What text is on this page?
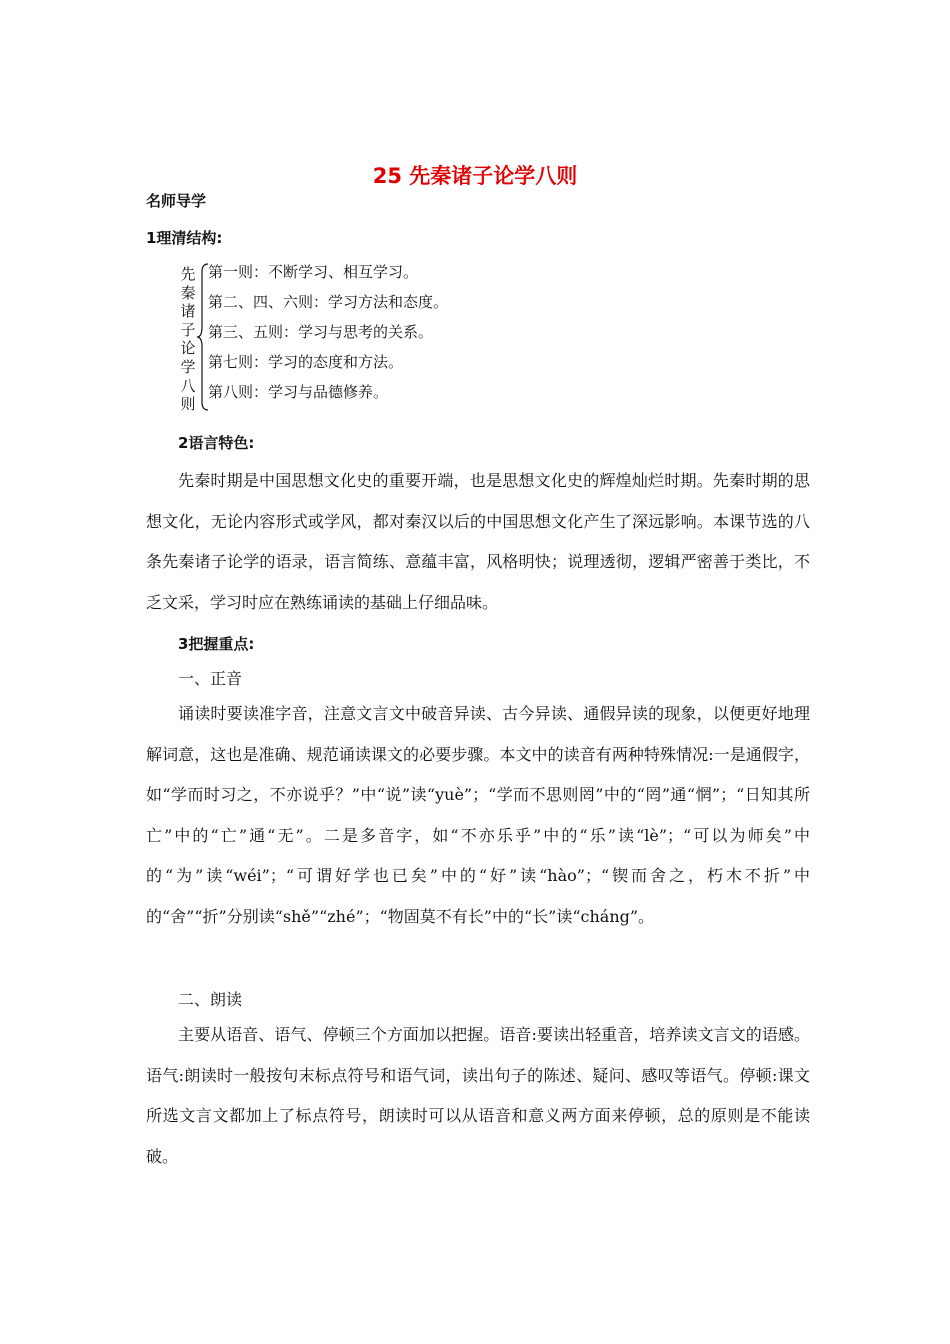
25 先秦诸子论学八则
名师导学
1理清结构:
先
秦
诸
子
论
学
八
则
第一则：不断学习、相互学习。
第二、四、六则：学习方法和态度。
第三、五则：学习与思考的关系。
第七则：学习的态度和方法。
第八则：学习与品德修养。
2语言特色:

先秦时期是中国思想文化史的重要开端，也是思想文化史的辉煌灿烂时期。先秦时期的思想文化，无论内容形式或学风，都对秦汉以后的中国思想文化产生了深远影响。本课节选的八条先秦诸子论学的语录，语言简练、意蕴丰富，风格明快；说理透彻，逻辑严密善于类比，不乏文采，学习时应在熟练诵读的基础上仔细品味。

3把握重点:
一、正音

诵读时要读准字音，注意文言文中破音异读、古今异读、通假异读的现象，以便更好地理解词意，这也是准确、规范诵读课文的必要步骤。本文中的读音有两种特殊情况:一是通假字，如“学而时习之，不亦说乎？”中“说”读“yuè”；“学而不思则罔”中的“罔”通“惘”；“日知其所亡”中的“亡”通“无”。二是多音字，如“不亦乐乎”中的“乐”读“lè”；“可以为师矣”中的“为”读“wéi”；“可谓好学也已矣”中的“好”读“hào”；“锲而舍之，朽木不折”中的“舍”“折”分别读“shě”“zhé”；“物固莫不有长”中的“长”读“cháng”。

二、朗读

主要从语音、语气、停顿三个方面加以把握。语音:要读出轻重音，培养读文言文的语感。语气:朗读时一般按句末标点符号和语气词，读出句子的陈述、疑问、感叹等语气。停顿:课文所选文言文都加上了标点符号，朗读时可以从语音和意义两方面来停顿，总的原则是不能读破。
